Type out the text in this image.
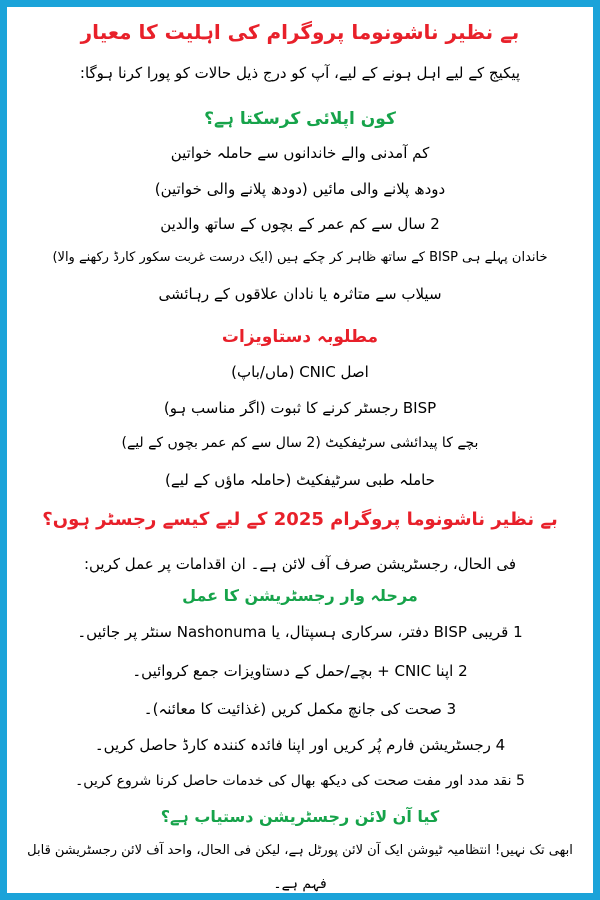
بے نظیر ناشونوما پروگرام کی اہلیت کا معیار
پیکیج کے لیے اہل ہونے کے لیے، آپ کو درج ذیل حالات کو پورا کرنا ہوگا:
کون اپلائی کرسکتا ہے؟
کم آمدنی والے خاندانوں سے حاملہ خواتین
دودھ پلانے والی مائیں (دودھ پلانے والی خواتین)
2 سال سے کم عمر کے بچوں کے ساتھ والدین
خاندان پہلے ہی BISP کے ساتھ ظاہر کر چکے ہیں (ایک درست غربت سکور کارڈ رکھنے والا)
سیلاب سے متاثرہ یا نادان علاقوں کے رہائشی
مطلوبہ دستاویزات
اصل CNIC (ماں/باپ)
BISP رجسٹر کرنے کا ثبوت (اگر مناسب ہو)
بچے کا پیدائشی سرٹیفکیٹ (2 سال سے کم عمر بچوں کے لیے)
حاملہ طبی سرٹیفکیٹ (حاملہ ماؤں کے لیے)
بے نظیر ناشونوما پروگرام 2025 کے لیے کیسے رجسٹر ہوں؟
فی الحال، رجسٹریشن صرف آف لائن ہے۔ ان اقدامات پر عمل کریں:
مرحلہ وار رجسٹریشن کا عمل
1 قریبی BISP دفتر، سرکاری ہسپتال، یا Nashonuma سنٹر پر جائیں۔
2 اپنا CNIC + بچے/حمل کے دستاویزات جمع کروائیں۔
3 صحت کی جانچ مکمل کریں (غذائیت کا معائنہ)۔
4 رجسٹریشن فارم پُر کریں اور اپنا فائدہ کنندہ کارڈ حاصل کریں۔
5 نقد مدد اور مفت صحت کی دیکھ بھال کی خدمات حاصل کرنا شروع کریں۔
کیا آن لائن رجسٹریشن دستیاب ہے؟
ابھی تک نہیں! انتظامیہ ٹیوشن ایک آن لائن پورٹل ہے، لیکن فی الحال، واحد آف لائن رجسٹریشن قابل
فہم ہے۔
